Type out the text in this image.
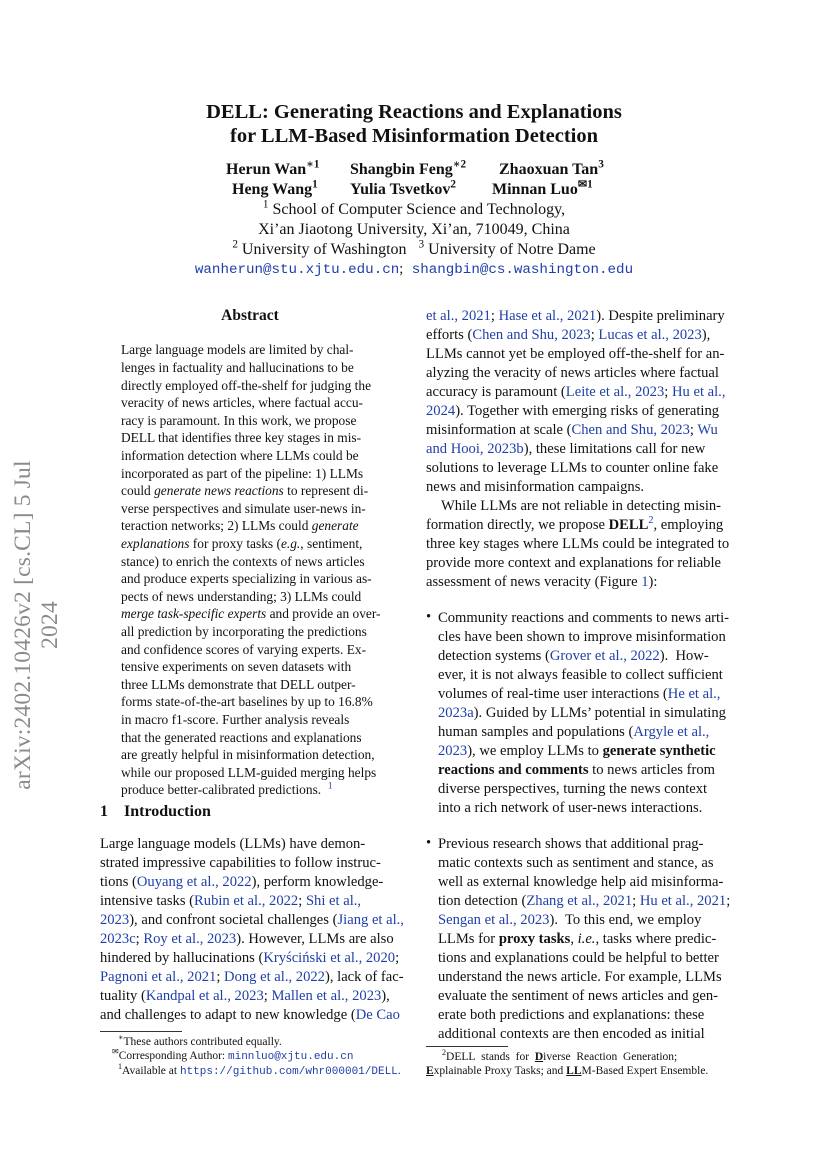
arXiv:2402.10426v2 [cs.CL] 5 Jul 2024
DELL: Generating Reactions and Explanations
for LLM-Based Misinformation Detection
Herun Wan$^{∗1}$ Shangbin Feng$^{∗2}$ Zhaoxuan Tan$^3$
Heng Wang$^1$ Yulia Tsvetkov$^2$ Minnan Luo$^{✉1}$
$^1$ School of Computer Science and Technology,
Xi’an Jiaotong University, Xi’an, 710049, China
$^2$ University of Washington $^3$ University of Notre Dame
wanherun@stu.xjtu.edu.cn; shangbin@cs.washington.edu
Abstract
Large language models are limited by chal-
lenges in factuality and hallucinations to be
directly employed off-the-shelf for judging the
veracity of news articles, where factual accu-
racy is paramount. In this work, we propose
DELL that identifies three key stages in mis-
information detection where LLMs could be
incorporated as part of the pipeline: 1) LLMs
could generate news reactions to represent di-
verse perspectives and simulate user-news in-
teraction networks; 2) LLMs could generate
explanations for proxy tasks (e.g., sentiment,
stance) to enrich the contexts of news articles
and produce experts specializing in various as-
pects of news understanding; 3) LLMs could
merge task-specific experts and provide an over-
all prediction by incorporating the predictions
and confidence scores of varying experts. Ex-
tensive experiments on seven datasets with
three LLMs demonstrate that DELL outper-
forms state-of-the-art baselines by up to 16.8%
in macro f1-score. Further analysis reveals
that the generated reactions and explanations
are greatly helpful in misinformation detection,
while our proposed LLM-guided merging helps
produce better-calibrated predictions. $^1$
1 Introduction
Large language models (LLMs) have demon-
strated impressive capabilities to follow instruc-
tions (Ouyang et al., 2022), perform knowledge-
intensive tasks (Rubin et al., 2022; Shi et al.,
2023), and confront societal challenges (Jiang et al.,
2023c; Roy et al., 2023). However, LLMs are also
hindered by hallucinations (Kryściński et al., 2020;
Pagnoni et al., 2021; Dong et al., 2022), lack of fac-
tuality (Kandpal et al., 2023; Mallen et al., 2023),
and challenges to adapt to new knowledge (De Cao
∗These authors contributed equally.
✉Corresponding Author: minnluo@xjtu.edu.cn
$^1$Available at https://github.com/whr000001/DELL.
et al., 2021; Hase et al., 2021). Despite preliminary
efforts (Chen and Shu, 2023; Lucas et al., 2023),
LLMs cannot yet be employed off-the-shelf for an-
alyzing the veracity of news articles where factual
accuracy is paramount (Leite et al., 2023; Hu et al.,
2024). Together with emerging risks of generating
misinformation at scale (Chen and Shu, 2023; Wu
and Hooi, 2023b), these limitations call for new
solutions to leverage LLMs to counter online fake
news and misinformation campaigns.
While LLMs are not reliable in detecting misin-
formation directly, we propose DELL$^2$, employing
three key stages where LLMs could be integrated to
provide more context and explanations for reliable
assessment of news veracity (Figure 1):
• Community reactions and comments to news arti-
cles have been shown to improve misinformation
detection systems (Grover et al., 2022).  How-
ever, it is not always feasible to collect sufficient
volumes of real-time user interactions (He et al.,
2023a). Guided by LLMs’ potential in simulating
human samples and populations (Argyle et al.,
2023), we employ LLMs to generate synthetic
reactions and comments to news articles from
diverse perspectives, turning the news context
into a rich network of user-news interactions.
• Previous research shows that additional prag-
matic contexts such as sentiment and stance, as
well as external knowledge help aid misinforma-
tion detection (Zhang et al., 2021; Hu et al., 2021;
Sengan et al., 2023).  To this end, we employ
LLMs for proxy tasks, i.e., tasks where predic-
tions and explanations could be helpful to better
understand the news article. For example, LLMs
evaluate the sentiment of news articles and gen-
erate both predictions and explanations: these
additional contexts are then encoded as initial
$^2$DELL  stands  for  Diverse  Reaction  Generation;
Explainable Proxy Tasks; and LLM-Based Expert Ensemble.
